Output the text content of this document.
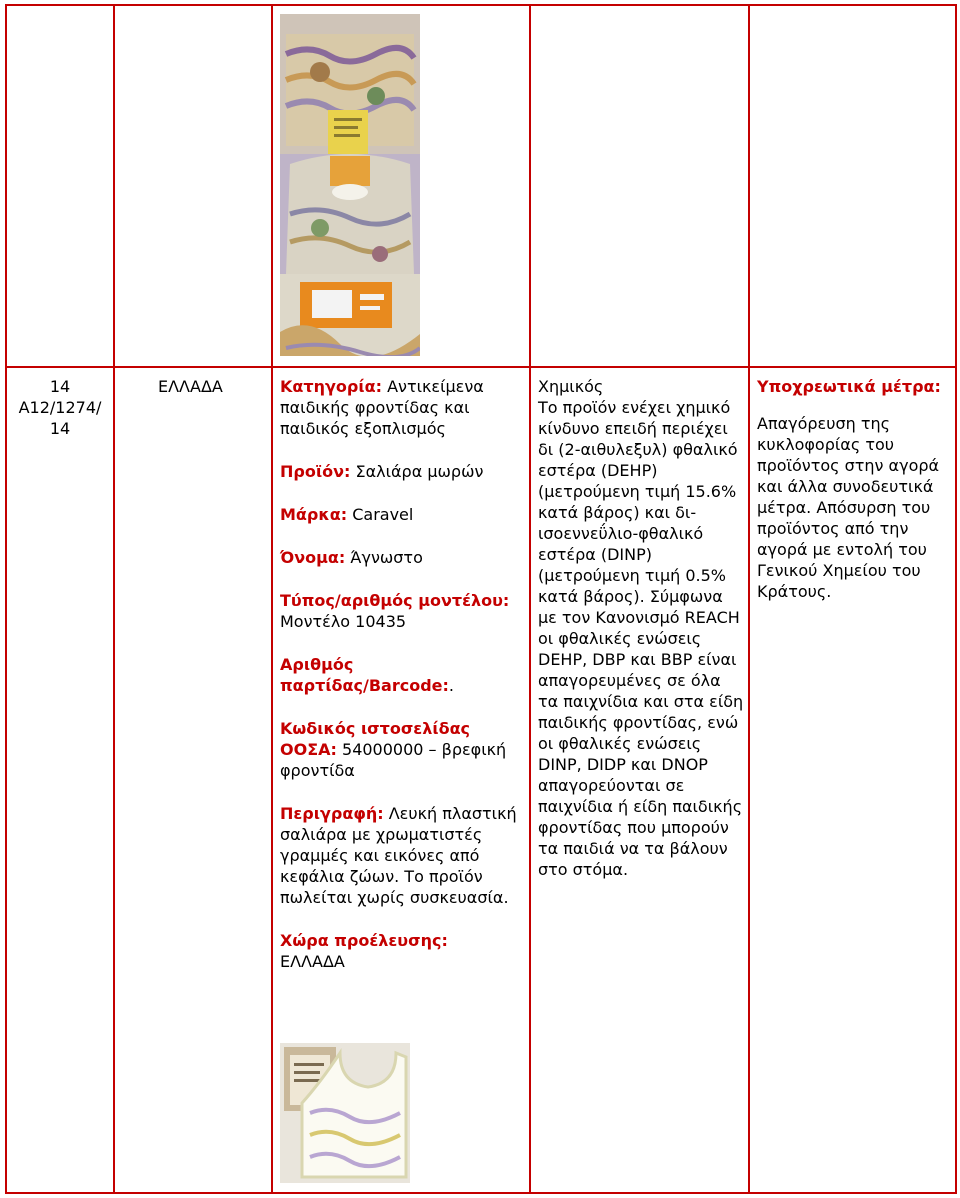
14
A12/1274/
14
ΕΛΛΑΔΑ	Κατηγορία: Αντικείμενα παιδικής φροντίδας και παιδικός εξοπλισμός
Προϊόν: Σαλιάρα μωρών
Μάρκα: Caravel
Όνομα: Άγνωστο
Τύπος/αριθμός μοντέλου: Μοντέλο 10435
Αριθμός παρτίδας/Barcode:.
Κωδικός ιστοσελίδας ΟΟΣΑ: 54000000 – βρεφική φροντίδα
Περιγραφή: Λευκή πλαστική σαλιάρα με χρωματιστές γραμμές και εικόνες από κεφάλια ζώων. Το προϊόν πωλείται χωρίς συσκευασία.
Χώρα προέλευσης:
ΕΛΛΑΔΑ
Χημικός
Το προϊόν ενέχει χημικό κίνδυνο επειδή περιέχει δι (2-αιθυλεξυλ) φθαλικό εστέρα (DEHP) (μετρούμενη τιμή 15.6% κατά βάρος) και δι-ισοεννεΰλιο-φθαλικό εστέρα (DINP) (μετρούμενη τιμή 0.5% κατά βάρος). Σύμφωνα με τον Κανονισμό REACH οι φθαλικές ενώσεις DEHP, DBP και BBP είναι απαγορευμένες σε όλα τα παιχνίδια και στα είδη παιδικής φροντίδας, ενώ οι φθαλικές ενώσεις DINP, DIDP και DNOP απαγορεύονται σε παιχνίδια ή είδη παιδικής φροντίδας που μπορούν τα παιδιά να τα βάλουν στο στόμα.
Υποχρεωτικά μέτρα:
Απαγόρευση της κυκλοφορίας του προϊόντος στην αγορά και άλλα συνοδευτικά μέτρα. Απόσυρση του προϊόντος από την αγορά με εντολή του Γενικού Χημείου του Κράτους.
